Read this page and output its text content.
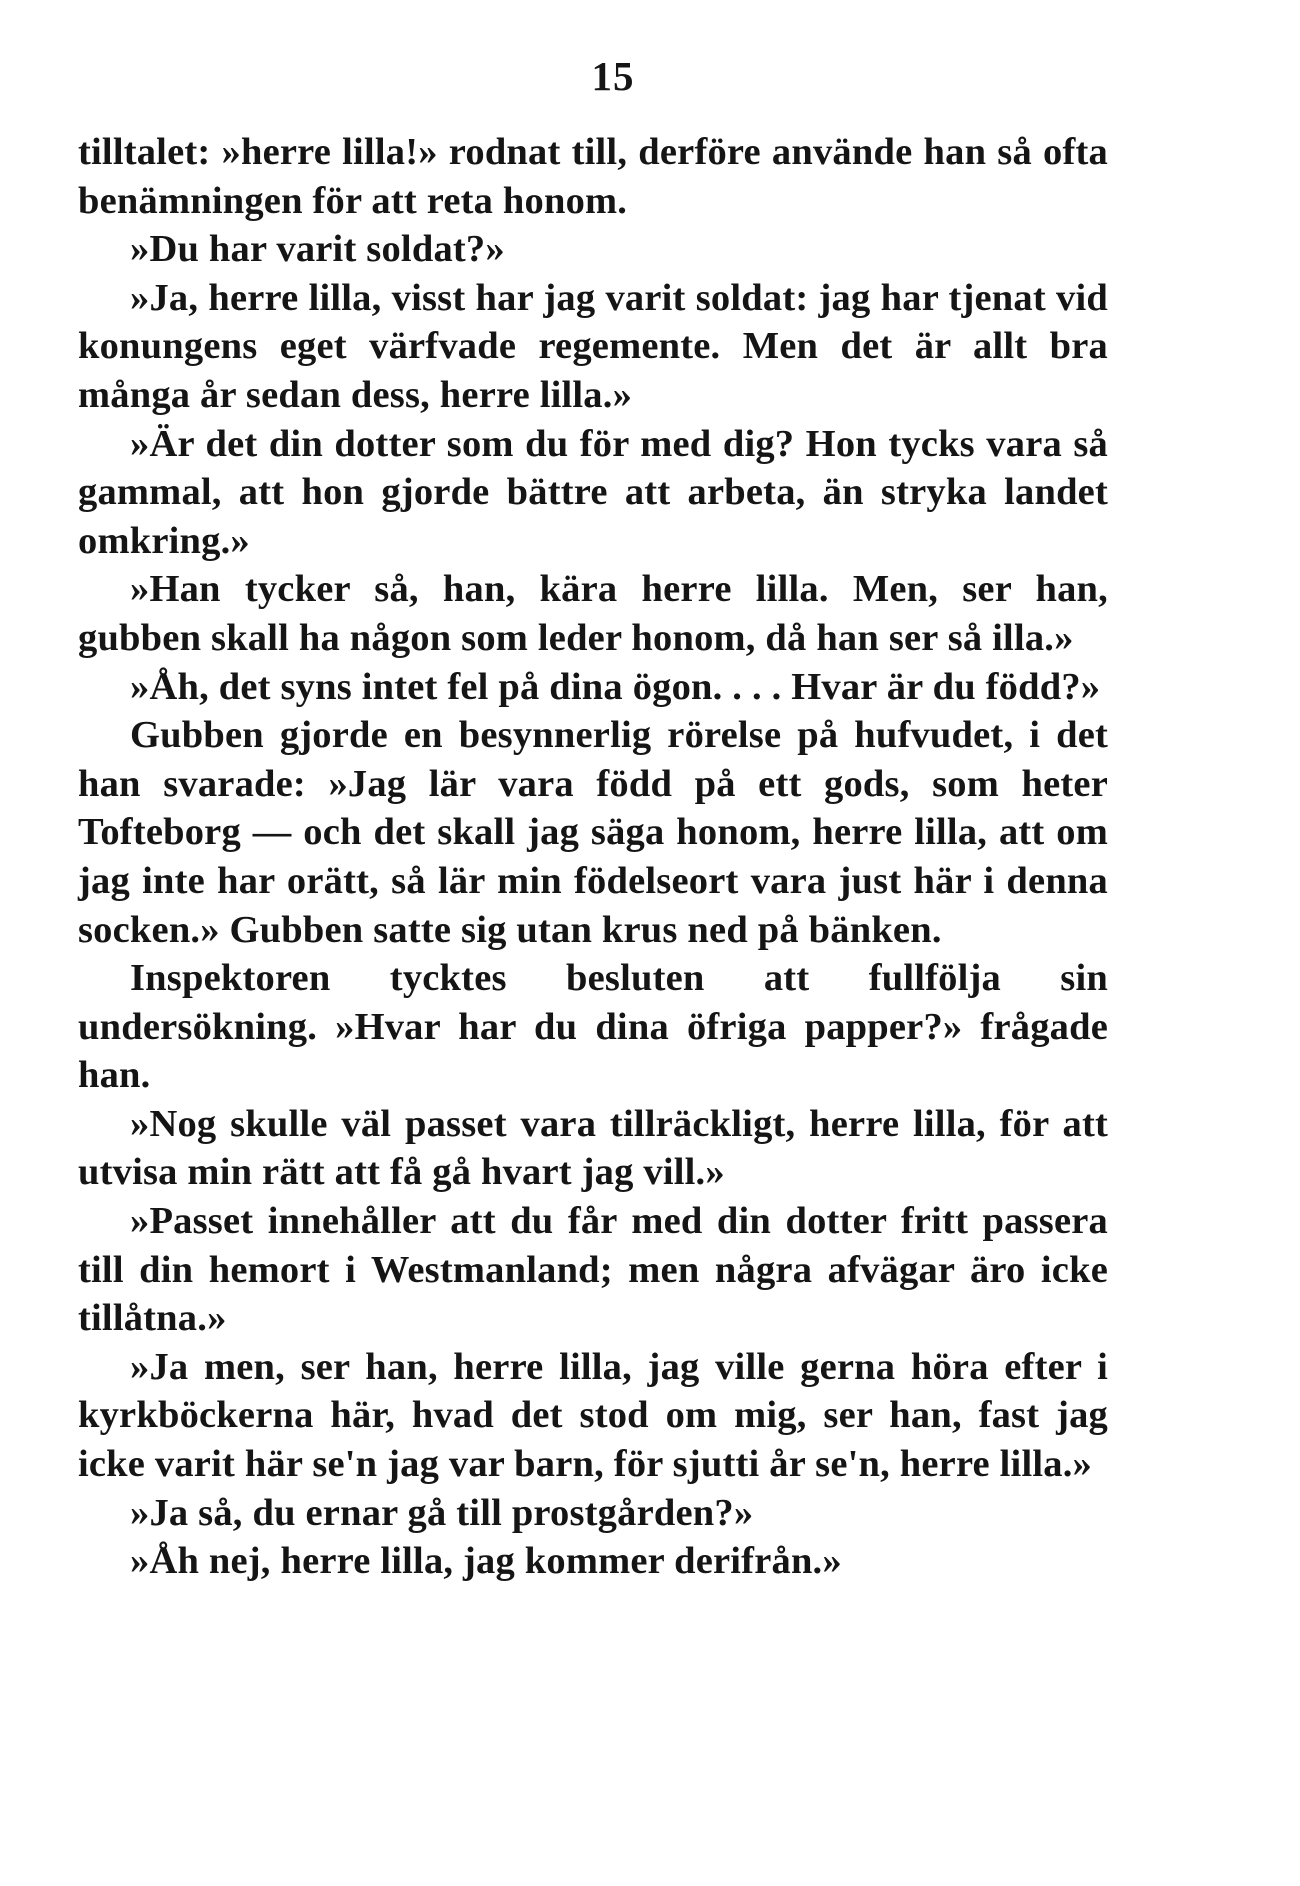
15

tilltalet: »herre lilla!» rodnat till, derföre använde han så ofta benämningen för att reta honom.

»Du har varit soldat?»

»Ja, herre lilla, visst har jag varit soldat: jag har tjenat vid konungens eget värfvade regemente. Men det är allt bra många år sedan dess, herre lilla.»

»Är det din dotter som du för med dig? Hon tycks vara så gammal, att hon gjorde bättre att arbeta, än stryka landet omkring.»

»Han tycker så, han, kära herre lilla. Men, ser han, gubben skall ha någon som leder honom, då han ser så illa.»

»Åh, det syns intet fel på dina ögon. . . . Hvar är du född?»

Gubben gjorde en besynnerlig rörelse på hufvudet, i det han svarade: »Jag lär vara född på ett gods, som heter Tofteborg — och det skall jag säga honom, herre lilla, att om jag inte har orätt, så lär min födelseort vara just här i denna socken.» Gubben satte sig utan krus ned på bänken.

Inspektoren tycktes besluten att fullfölja sin undersökning. »Hvar har du dina öfriga papper?» frågade han.

»Nog skulle väl passet vara tillräckligt, herre lilla, för att utvisa min rätt att få gå hvart jag vill.»

»Passet innehåller att du får med din dotter fritt passera till din hemort i Westmanland; men några afvägar äro icke tillåtna.»

»Ja men, ser han, herre lilla, jag ville gerna höra efter i kyrkböckerna här, hvad det stod om mig, ser han, fast jag icke varit här se'n jag var barn, för sjutti år se'n, herre lilla.»

»Ja så, du ernar gå till prostgården?»

»Åh nej, herre lilla, jag kommer derifrån.»
